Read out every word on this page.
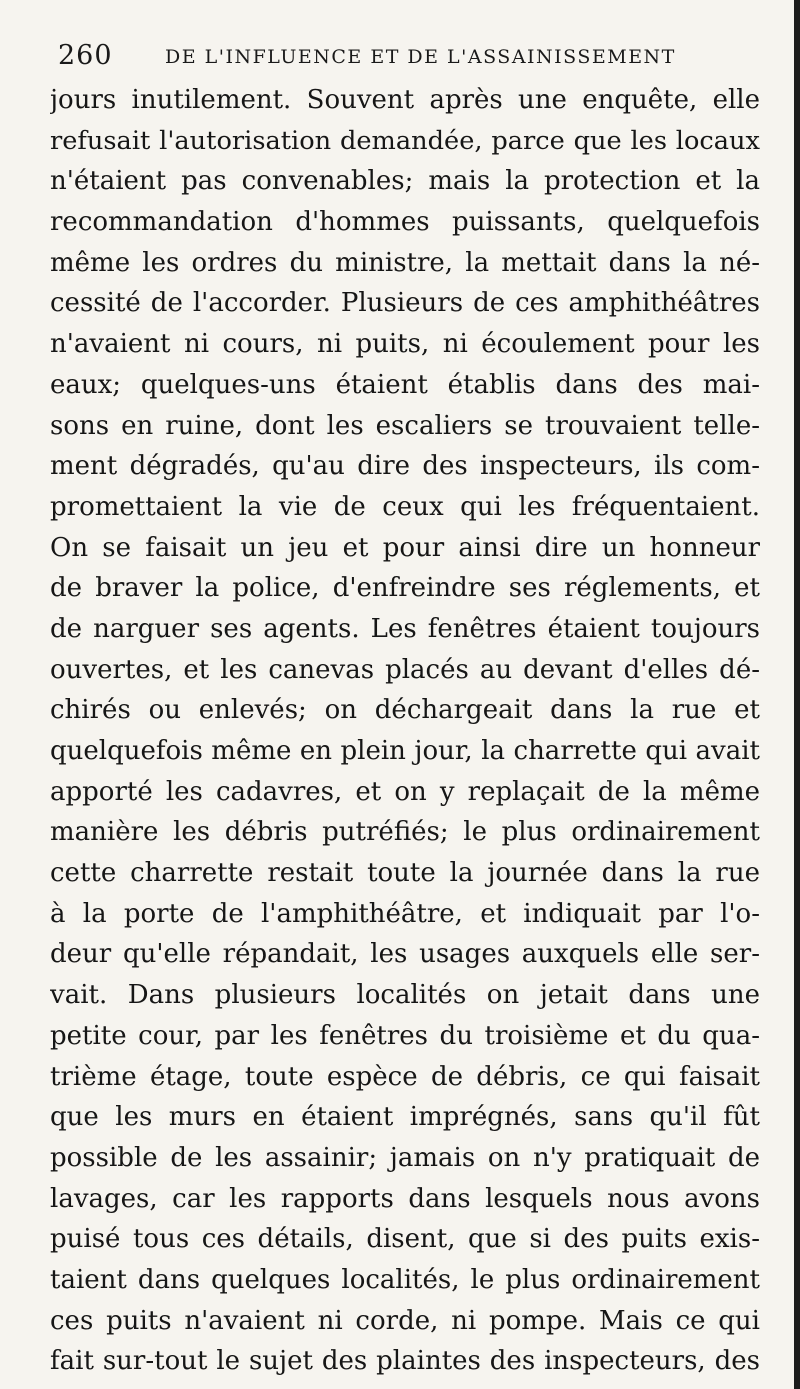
260	DE L'INFLUENCE ET DE L'ASSAINISSEMENT
jours inutilement. Souvent après une enquête, elle
refusait l'autorisation demandée, parce que les locaux
n'étaient pas convenables; mais la protection et la
recommandation d'hommes puissants, quelquefois
même les ordres du ministre, la mettait dans la né-
cessité de l'accorder. Plusieurs de ces amphithéâtres
n'avaient ni cours, ni puits, ni écoulement pour les
eaux; quelques-uns étaient établis dans des mai-
sons en ruine, dont les escaliers se trouvaient telle-
ment dégradés, qu'au dire des inspecteurs, ils com-
promettaient la vie de ceux qui les fréquentaient.
On se faisait un jeu et pour ainsi dire un honneur
de braver la police, d'enfreindre ses réglements, et
de narguer ses agents. Les fenêtres étaient toujours
ouvertes, et les canevas placés au devant d'elles dé-
chirés ou enlevés; on déchargeait dans la rue et
quelquefois même en plein jour, la charrette qui avait
apporté les cadavres, et on y replaçait de la même
manière les débris putréfiés; le plus ordinairement
cette charrette restait toute la journée dans la rue
à la porte de l'amphithéâtre, et indiquait par l'o-
deur qu'elle répandait, les usages auxquels elle ser-
vait. Dans plusieurs localités on jetait dans une
petite cour, par les fenêtres du troisième et du qua-
trième étage, toute espèce de débris, ce qui faisait
que les murs en étaient imprégnés, sans qu'il fût
possible de les assainir; jamais on n'y pratiquait de
lavages, car les rapports dans lesquels nous avons
puisé tous ces détails, disent, que si des puits exis-
taient dans quelques localités, le plus ordinairement
ces puits n'avaient ni corde, ni pompe. Mais ce qui
fait sur-tout le sujet des plaintes des inspecteurs, des
